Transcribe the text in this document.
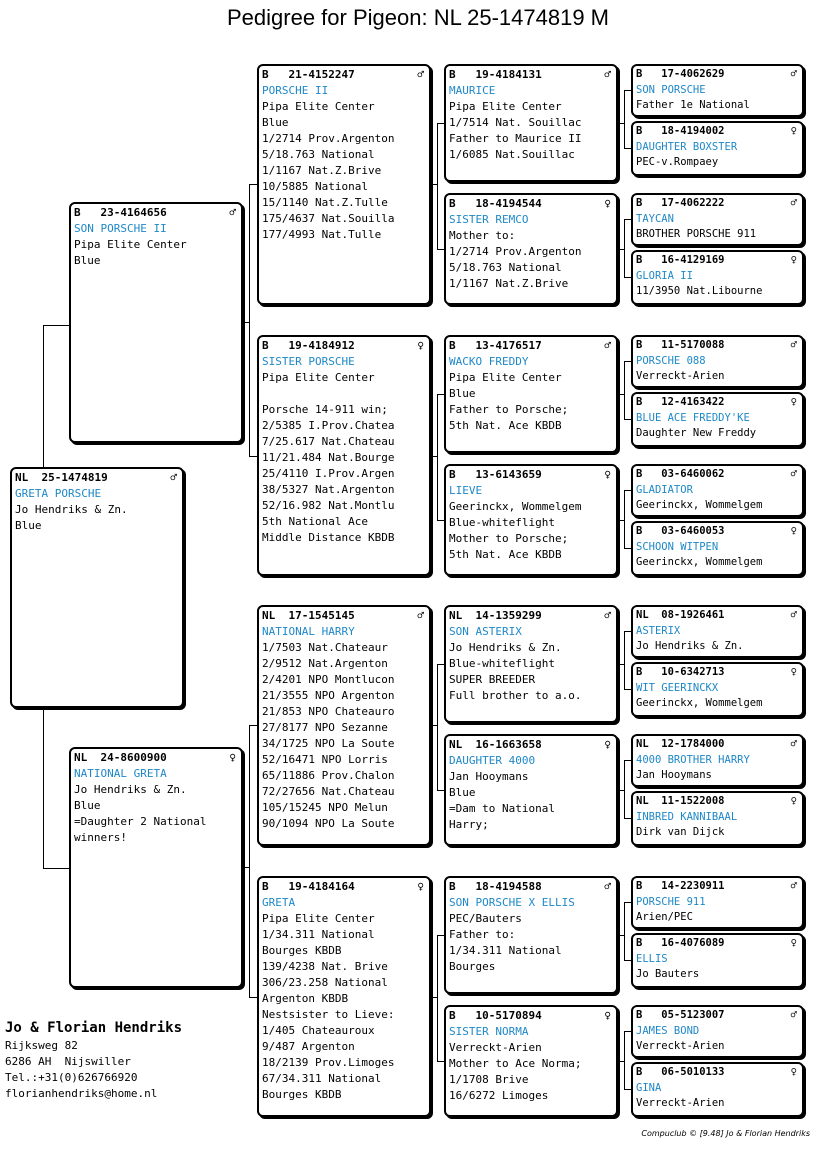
Pedigree for Pigeon: NL 25-1474819 M
NL  25-1474819	♂
GRETA PORSCHE
Jo Hendriks & Zn.
Blue
B   23-4164656	♂
SON PORSCHE II
Pipa Elite Center
Blue
NL  24-8600900	♀
NATIONAL GRETA
Jo Hendriks & Zn.
Blue
=Daughter 2 National
winners!
B   21-4152247	♂
PORSCHE II
Pipa Elite Center
Blue
1/2714 Prov.Argenton
5/18.763 National
1/1167 Nat.Z.Brive
10/5885 National
15/1140 Nat.Z.Tulle
175/4637 Nat.Souilla
177/4993 Nat.Tulle
B   19-4184912	♀
SISTER PORSCHE
Pipa Elite Center

Porsche 14-911 win;
2/5385 I.Prov.Chatea
7/25.617 Nat.Chateau
11/21.484 Nat.Bourge
25/4110 I.Prov.Argen
38/5327 Nat.Argenton
52/16.982 Nat.Montlu
5th National Ace
Middle Distance KBDB
NL  17-1545145	♂
NATIONAL HARRY
1/7503 Nat.Chateaur
2/9512 Nat.Argenton
2/4201 NPO Montlucon
21/3555 NPO Argenton
21/853 NPO Chateauro
27/8177 NPO Sezanne
34/1725 NPO La Soute
52/16471 NPO Lorris
65/11886 Prov.Chalon
72/27656 Nat.Chateau
105/15245 NPO Melun
90/1094 NPO La Soute
B   19-4184164	♀
GRETA
Pipa Elite Center
1/34.311 National
Bourges KBDB
139/4238 Nat. Brive
306/23.258 National
Argenton KBDB
Nestsister to Lieve:
1/405 Chateauroux
9/487 Argenton
18/2139 Prov.Limoges
67/34.311 National
Bourges KBDB
B   19-4184131	♂
MAURICE
Pipa Elite Center
1/7514 Nat. Souillac
Father to Maurice II
1/6085 Nat.Souillac
B   18-4194544	♀
SISTER REMCO
Mother to:
1/2714 Prov.Argenton
5/18.763 National
1/1167 Nat.Z.Brive
B   13-4176517	♂
WACKO FREDDY
Pipa Elite Center
Blue
Father to Porsche;
5th Nat. Ace KBDB
B   13-6143659	♀
LIEVE
Geerinckx, Wommelgem
Blue-whiteflight
Mother to Porsche;
5th Nat. Ace KBDB
NL  14-1359299	♂
SON ASTERIX
Jo Hendriks & Zn.
Blue-whiteflight
SUPER BREEDER
Full brother to a.o.
NL  16-1663658	♀
DAUGHTER 4000
Jan Hooymans
Blue
=Dam to National
Harry;
B   18-4194588	♂
SON PORSCHE X ELLIS
PEC/Bauters
Father to:
1/34.311 National
Bourges
B   10-5170894	♀
SISTER NORMA
Verreckt-Arien
Mother to Ace Norma;
1/1708 Brive
16/6272 Limoges
B   17-4062629	♂
SON PORSCHE
Father 1e National
B   18-4194002	♀
DAUGHTER BOXSTER
PEC-v.Rompaey
B   17-4062222	♂
TAYCAN
BROTHER PORSCHE 911
B   16-4129169	♀
GLORIA II
11/3950 Nat.Libourne
B   11-5170088	♂
PORSCHE 088
Verreckt-Arien
B   12-4163422	♀
BLUE ACE FREDDY'KE
Daughter New Freddy
B   03-6460062	♂
GLADIATOR
Geerinckx, Wommelgem
B   03-6460053	♀
SCHOON WITPEN
Geerinckx, Wommelgem
NL  08-1926461	♂
ASTERIX
Jo Hendriks & Zn.
B   10-6342713	♀
WIT GEERINCKX
Geerinckx, Wommelgem
NL  12-1784000	♂
4000 BROTHER HARRY
Jan Hooymans
NL  11-1522008	♀
INBRED KANNIBAAL
Dirk van Dijck
B   14-2230911	♂
PORSCHE 911
Arien/PEC
B   16-4076089	♀
ELLIS
Jo Bauters
B   05-5123007	♂
JAMES BOND
Verreckt-Arien
B   06-5010133	♀
GINA
Verreckt-Arien
Jo & Florian Hendriks
Rijksweg 82
6286 AH  Nijswiller
Tel.:+31(0)626766920
florianhendriks@home.nl
Compuclub © [9.48] Jo & Florian Hendriks
